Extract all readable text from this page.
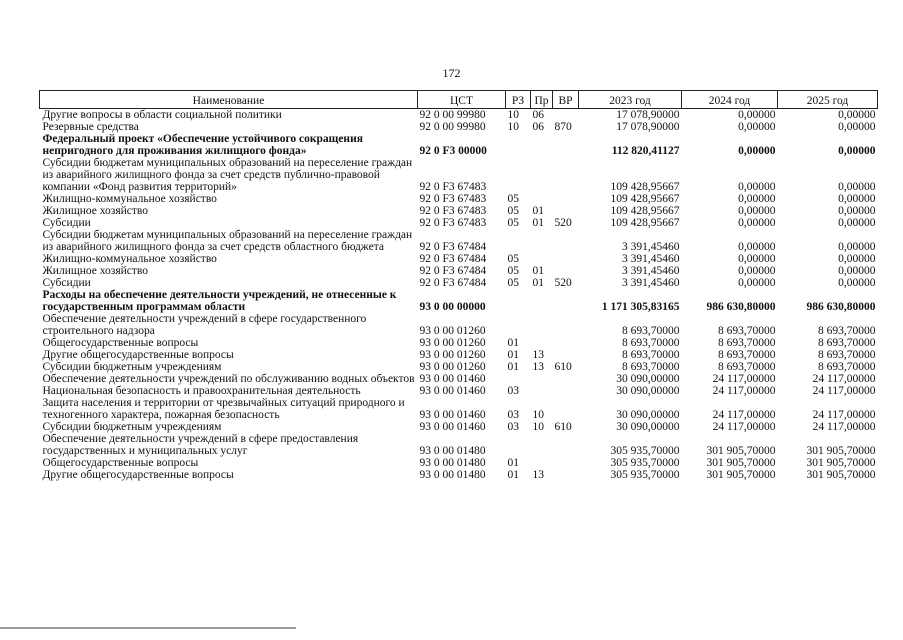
172
Наименование	ЦСТ	РЗ	Пр	ВР	2023 год	2024 год	2025 год
Другие вопросы в области социальной политики	92 0 00 99980	10	06		17 078,90000	0,00000	0,00000
Резервные средства	92 0 00 99980	10	06	870	17 078,90000	0,00000	0,00000
Федеральный проект «Обеспечение устойчивого сокращения непригодного для проживания жилищного фонда»	92 0 F3 00000				112 820,41127	0,00000	0,00000
Субсидии бюджетам муниципальных образований на переселение граждан из аварийного жилищного фонда за счет средств публично-правовой компании «Фонд развития территорий»	92 0 F3 67483				109 428,95667	0,00000	0,00000
Жилищно-коммунальное хозяйство	92 0 F3 67483	05			109 428,95667	0,00000	0,00000
Жилищное хозяйство	92 0 F3 67483	05	01		109 428,95667	0,00000	0,00000
Субсидии	92 0 F3 67483	05	01	520	109 428,95667	0,00000	0,00000
Субсидии бюджетам муниципальных образований на переселение граждан из аварийного жилищного фонда за счет средств областного бюджета	92 0 F3 67484				3 391,45460	0,00000	0,00000
Жилищно-коммунальное хозяйство	92 0 F3 67484	05			3 391,45460	0,00000	0,00000
Жилищное хозяйство	92 0 F3 67484	05	01		3 391,45460	0,00000	0,00000
Субсидии	92 0 F3 67484	05	01	520	3 391,45460	0,00000	0,00000
Расходы на обеспечение деятельности учреждений, не отнесенные к государственным программам области	93 0 00 00000				1 171 305,83165	986 630,80000	986 630,80000
Обеспечение деятельности учреждений в сфере государственного строительного надзора	93 0 00 01260				8 693,70000	8 693,70000	8 693,70000
Общегосударственные вопросы	93 0 00 01260	01			8 693,70000	8 693,70000	8 693,70000
Другие общегосударственные вопросы	93 0 00 01260	01	13		8 693,70000	8 693,70000	8 693,70000
Субсидии бюджетным учреждениям	93 0 00 01260	01	13	610	8 693,70000	8 693,70000	8 693,70000
Обеспечение деятельности учреждений по обслуживанию водных объектов	93 0 00 01460				30 090,00000	24 117,00000	24 117,00000
Национальная безопасность и правоохранительная деятельность	93 0 00 01460	03			30 090,00000	24 117,00000	24 117,00000
Защита населения и территории от чрезвычайных ситуаций природного и техногенного характера, пожарная безопасность	93 0 00 01460	03	10		30 090,00000	24 117,00000	24 117,00000
Субсидии бюджетным учреждениям	93 0 00 01460	03	10	610	30 090,00000	24 117,00000	24 117,00000
Обеспечение деятельности учреждений в сфере предоставления государственных и муниципальных услуг	93 0 00 01480				305 935,70000	301 905,70000	301 905,70000
Общегосударственные вопросы	93 0 00 01480	01			305 935,70000	301 905,70000	301 905,70000
Другие общегосударственные вопросы	93 0 00 01480	01	13		305 935,70000	301 905,70000	301 905,70000
